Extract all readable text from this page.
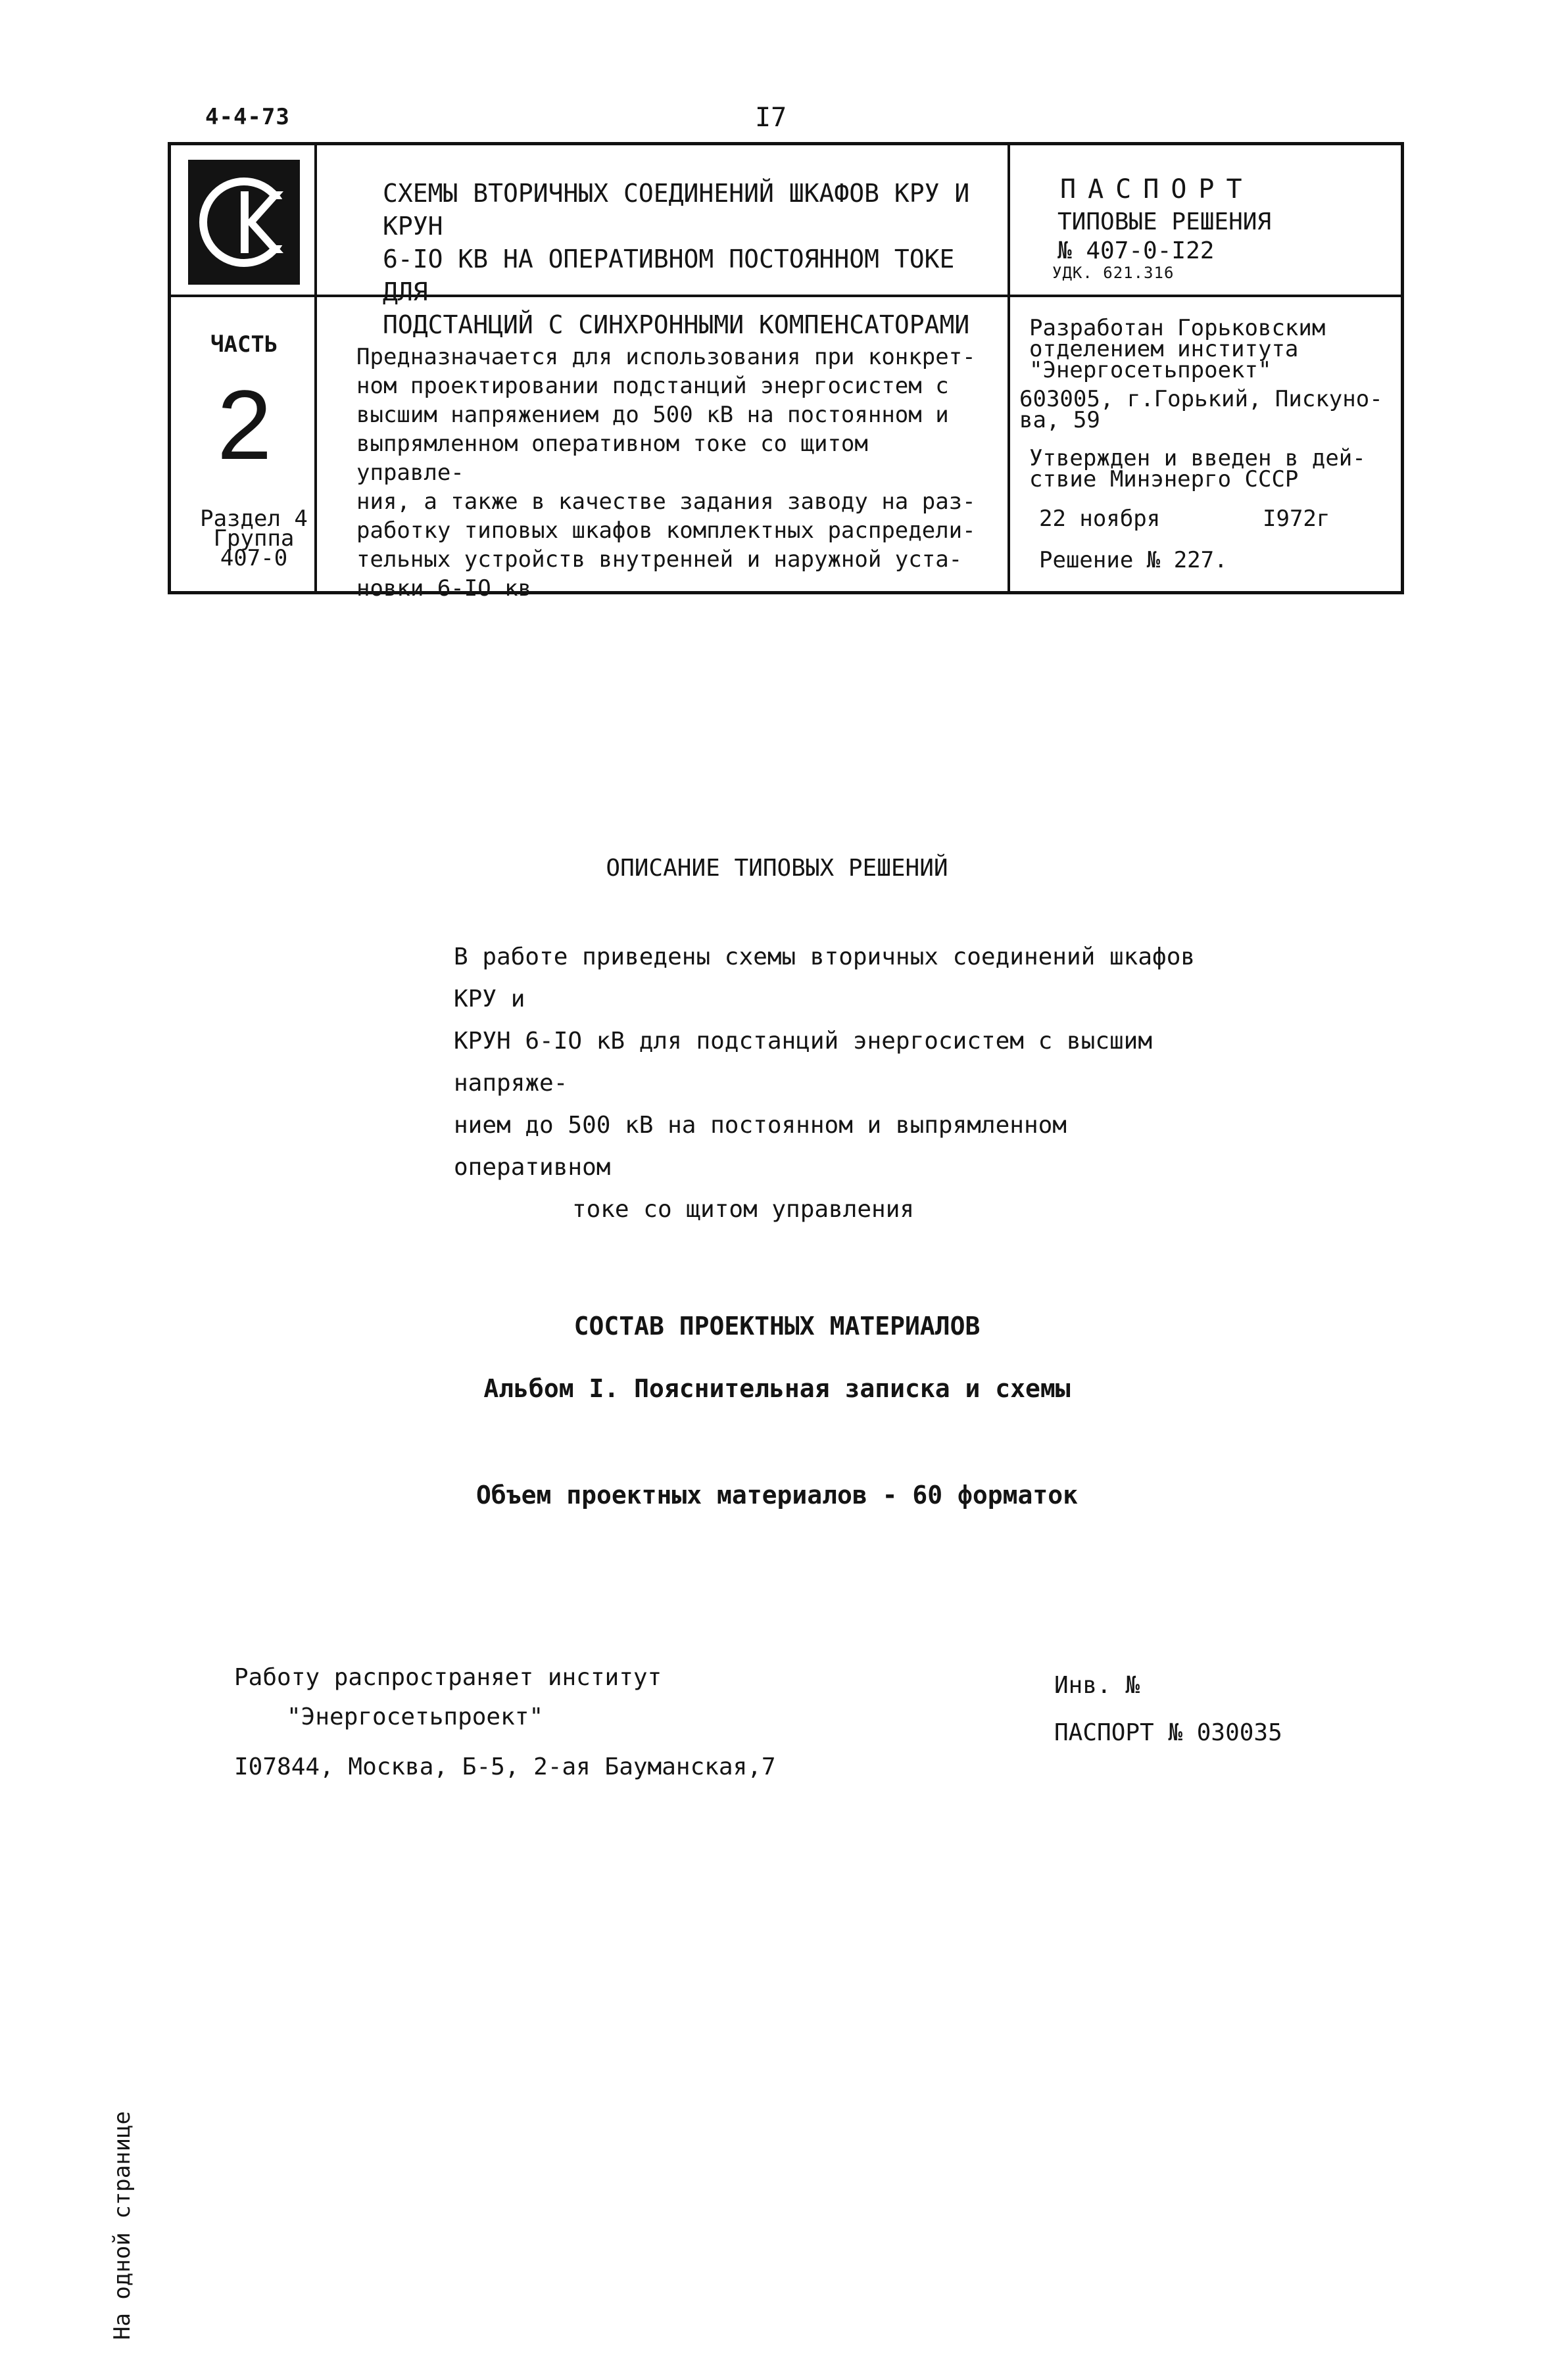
4-4-73	I7
СХЕМЫ ВТОРИЧНЫХ СОЕДИНЕНИЙ ШКАФОВ КРУ И КРУН
6-IO КВ НА ОПЕРАТИВНОМ ПОСТОЯННОМ ТОКЕ ДЛЯ
ПОДСТАНЦИЙ С СИНХРОННЫМИ КОМПЕНСАТОРАМИ
ПАСПОРТ
ТИПОВЫЕ РЕШЕНИЯ
№ 407-0-I22
УДК. 621.316
ЧАСТЬ
2
Раздел 4
Группа
407-0
Предназначается для использования при конкрет-
ном проектировании подстанций энергосистем с
высшим напряжением до 500 кВ на постоянном и
выпрямленном оперативном токе со щитом управле-
ния, а также в качестве задания заводу на раз-
работку типовых шкафов комплектных распредели-
тельных устройств внутренней и наружной уста-
новки 6-IO кв
Разработан Горьковским
отделением института
"Энергосетьпроект"
603005, г.Горький, Пискуно-
ва, 59
Утвержден и введен в дей-
ствие Минэнерго СССР
22 ноября	I972г
Решение № 227.
ОПИСАНИЕ ТИПОВЫХ РЕШЕНИЙ
В работе приведены схемы вторичных соединений шкафов КРУ и
КРУН 6-IO кВ для подстанций энергосистем с высшим напряже-
нием до 500 кВ на постоянном и выпрямленном оперативном
токе со щитом управления
СОСТАВ ПРОЕКТНЫХ МАТЕРИАЛОВ
Альбом I. Пояснительная записка и схемы
Объем проектных материалов - 60 форматок
Работу распространяет институт
"Энергосетьпроект"
I07844, Москва, Б-5, 2-ая Бауманская,7
Инв. №
ПАСПОРТ № 030035
На одной странице
